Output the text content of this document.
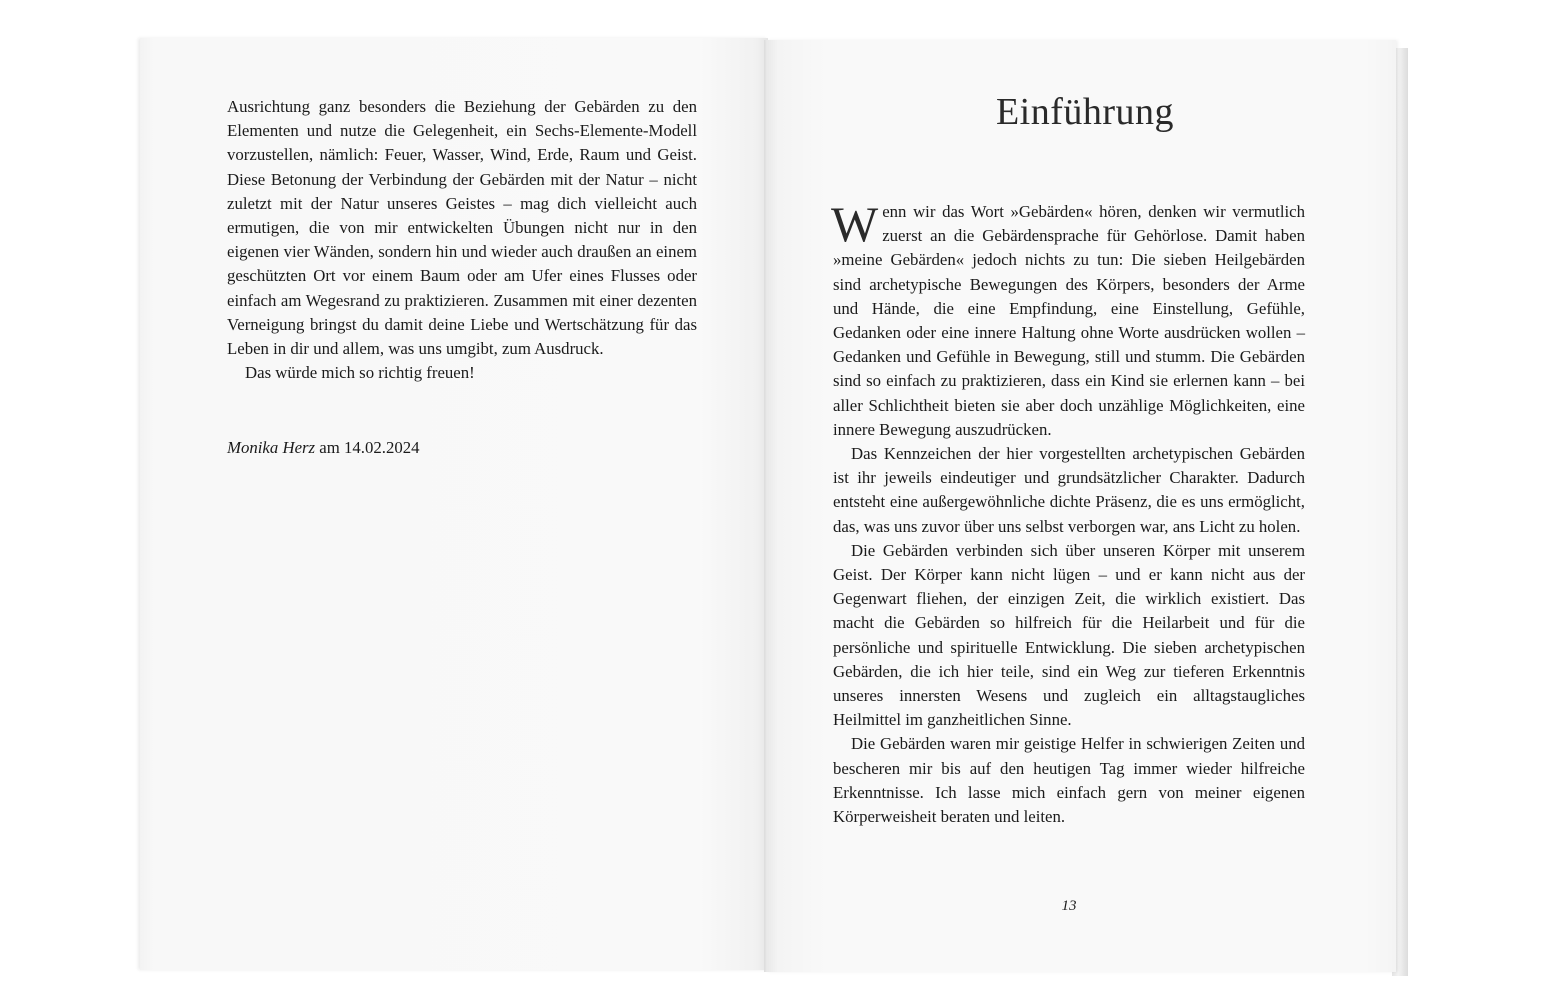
Ausrichtung ganz besonders die Beziehung der Gebärden zu den Elementen und nutze die Gelegenheit, ein Sechs-Elemente-Modell vorzustellen, nämlich: Feuer, Wasser, Wind, Erde, Raum und Geist. Diese Betonung der Verbindung der Gebärden mit der Natur – nicht zuletzt mit der Natur unseres Geistes – mag dich vielleicht auch ermutigen, die von mir entwickelten Übungen nicht nur in den eigenen vier Wänden, sondern hin und wieder auch draußen an einem geschützten Ort vor einem Baum oder am Ufer eines Flusses oder einfach am Wegesrand zu praktizieren. Zusammen mit einer dezenten Verneigung bringst du damit deine Liebe und Wertschätzung für das Leben in dir und allem, was uns umgibt, zum Ausdruck.

Das würde mich so richtig freuen!

Monika Herz am 14.02.2024
Einführung

Wenn wir das Wort »Gebärden« hören, denken wir vermutlich zuerst an die Gebärdensprache für Gehörlose. Damit haben »meine Gebärden« jedoch nichts zu tun: Die sieben Heilgebärden sind archetypische Bewegungen des Körpers, besonders der Arme und Hände, die eine Empfindung, eine Einstellung, Gefühle, Gedanken oder eine innere Haltung ohne Worte ausdrücken wollen – Gedanken und Gefühle in Bewegung, still und stumm. Die Gebärden sind so einfach zu praktizieren, dass ein Kind sie erlernen kann – bei aller Schlichtheit bieten sie aber doch unzählige Möglichkeiten, eine innere Bewegung auszudrücken.

Das Kennzeichen der hier vorgestellten archetypischen Gebärden ist ihr jeweils eindeutiger und grundsätzlicher Charakter. Dadurch entsteht eine außergewöhnliche dichte Präsenz, die es uns ermöglicht, das, was uns zuvor über uns selbst verborgen war, ans Licht zu holen.

Die Gebärden verbinden sich über unseren Körper mit unserem Geist. Der Körper kann nicht lügen – und er kann nicht aus der Gegenwart fliehen, der einzigen Zeit, die wirklich existiert. Das macht die Gebärden so hilfreich für die Heilarbeit und für die persönliche und spirituelle Entwicklung. Die sieben archetypischen Gebärden, die ich hier teile, sind ein Weg zur tieferen Erkenntnis unseres innersten Wesens und zugleich ein alltagstaugliches Heilmittel im ganzheitlichen Sinne.

Die Gebärden waren mir geistige Helfer in schwierigen Zeiten und bescheren mir bis auf den heutigen Tag immer wieder hilfreiche Erkenntnisse. Ich lasse mich einfach gern von meiner eigenen Körperweisheit beraten und leiten.

13
